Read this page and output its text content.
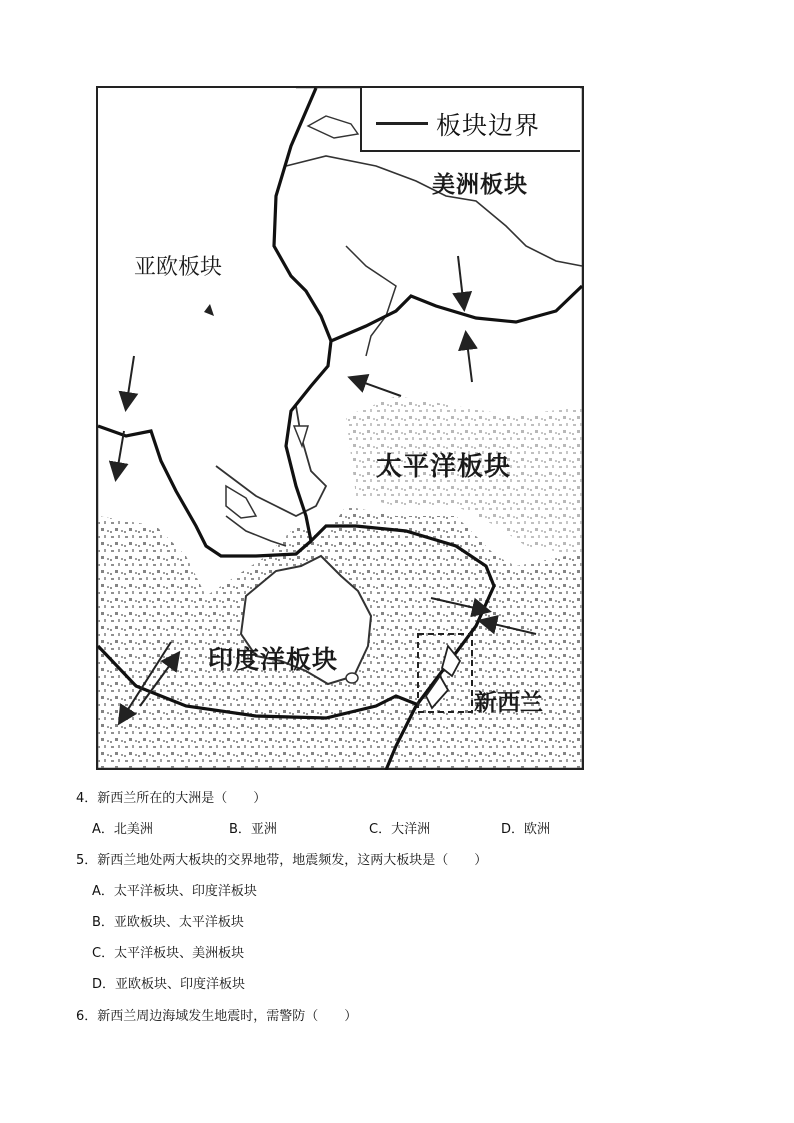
板块边界
亚欧板块
美洲板块
太平洋板块
印度洋板块
新西兰
4．新西兰所在的大洲是（　　）
A．北美洲	B．亚洲	C．大洋洲	D．欧洲
5．新西兰地处两大板块的交界地带，地震频发，这两大板块是（　　）
A．太平洋板块、印度洋板块
B．亚欧板块、太平洋板块
C．太平洋板块、美洲板块
D．亚欧板块、印度洋板块
6．新西兰周边海域发生地震时，需警防（　　）
